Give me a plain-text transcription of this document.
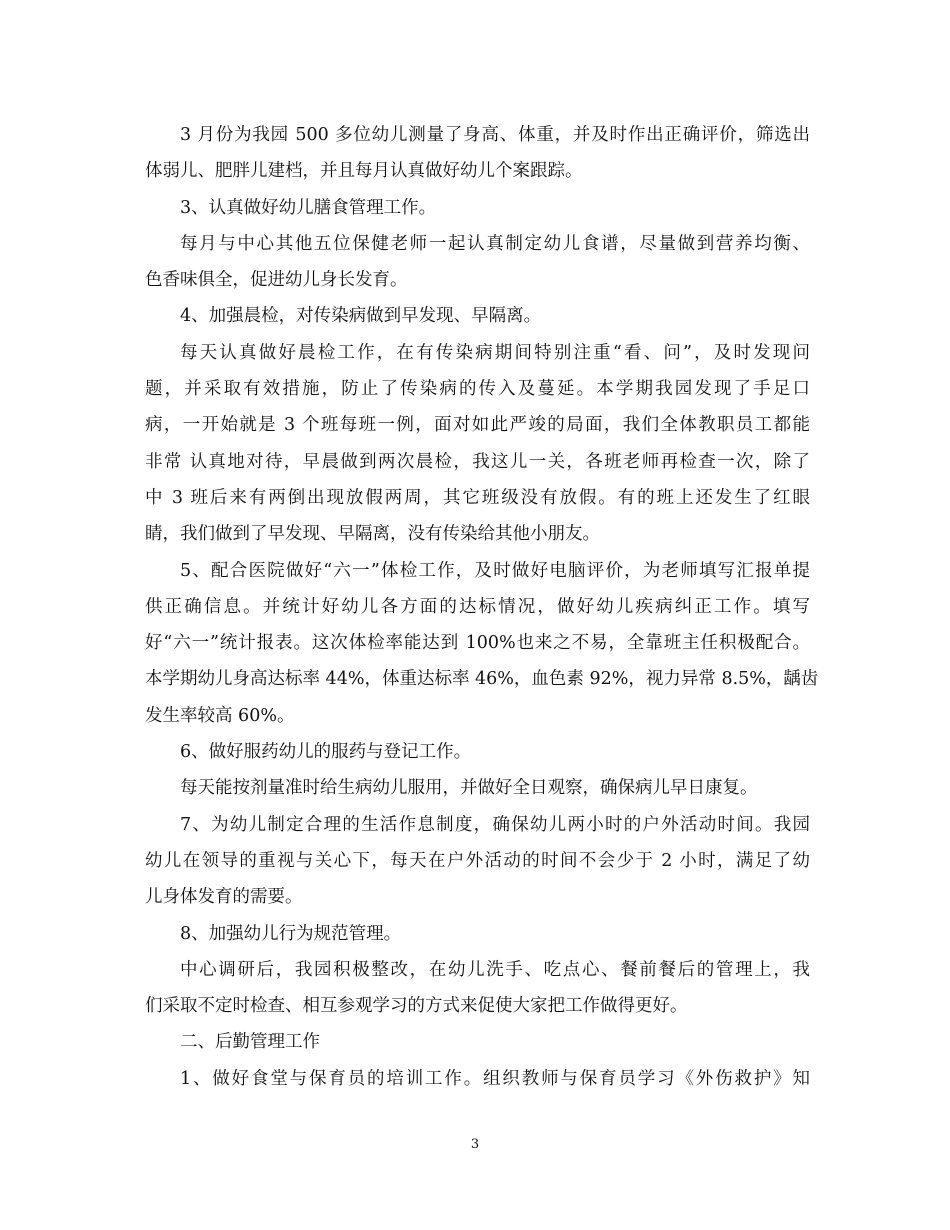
3 月份为我园 500 多位幼儿测量了身高、体重，并及时作出正确评价，筛选出
体弱儿、肥胖儿建档，并且每月认真做好幼儿个案跟踪。
3、认真做好幼儿膳食管理工作。
每月与中心其他五位保健老师一起认真制定幼儿食谱，尽量做到营养均衡、
色香味俱全，促进幼儿身长发育。
4、加强晨检，对传染病做到早发现、早隔离。
每天认真做好晨检工作，在有传染病期间特别注重“看、问”，及时发现问
题，并采取有效措施，防止了传染病的传入及蔓延。本学期我园发现了手足口
病，一开始就是 3 个班每班一例，面对如此严竣的局面，我们全体教职员工都能
非常 认真地对待，早晨做到两次晨检，我这儿一关，各班老师再检查一次，除了
中 3 班后来有两倒出现放假两周，其它班级没有放假。有的班上还发生了红眼
睛，我们做到了早发现、早隔离，没有传染给其他小朋友。
5、配合医院做好“六一”体检工作，及时做好电脑评价，为老师填写汇报单提
供正确信息。并统计好幼儿各方面的达标情况，做好幼儿疾病纠正工作。填写
好“六一”统计报表。这次体检率能达到 100%也来之不易，全靠班主任积极配合。
本学期幼儿身高达标率 44%，体重达标率 46%，血色素 92%，视力异常 8.5%，龋齿
发生率较高 60%。
6、做好服药幼儿的服药与登记工作。
每天能按剂量准时给生病幼儿服用，并做好全日观察，确保病儿早日康复。
7、为幼儿制定合理的生活作息制度，确保幼儿两小时的户外活动时间。我园
幼儿在领导的重视与关心下，每天在户外活动的时间不会少于 2 小时，满足了幼
儿身体发育的需要。
8、加强幼儿行为规范管理。
中心调研后，我园积极整改，在幼儿洗手、吃点心、餐前餐后的管理上，我
们采取不定时检查、相互参观学习的方式来促使大家把工作做得更好。
二、后勤管理工作
1、做好食堂与保育员的培训工作。组织教师与保育员学习《外伤救护》知
3
